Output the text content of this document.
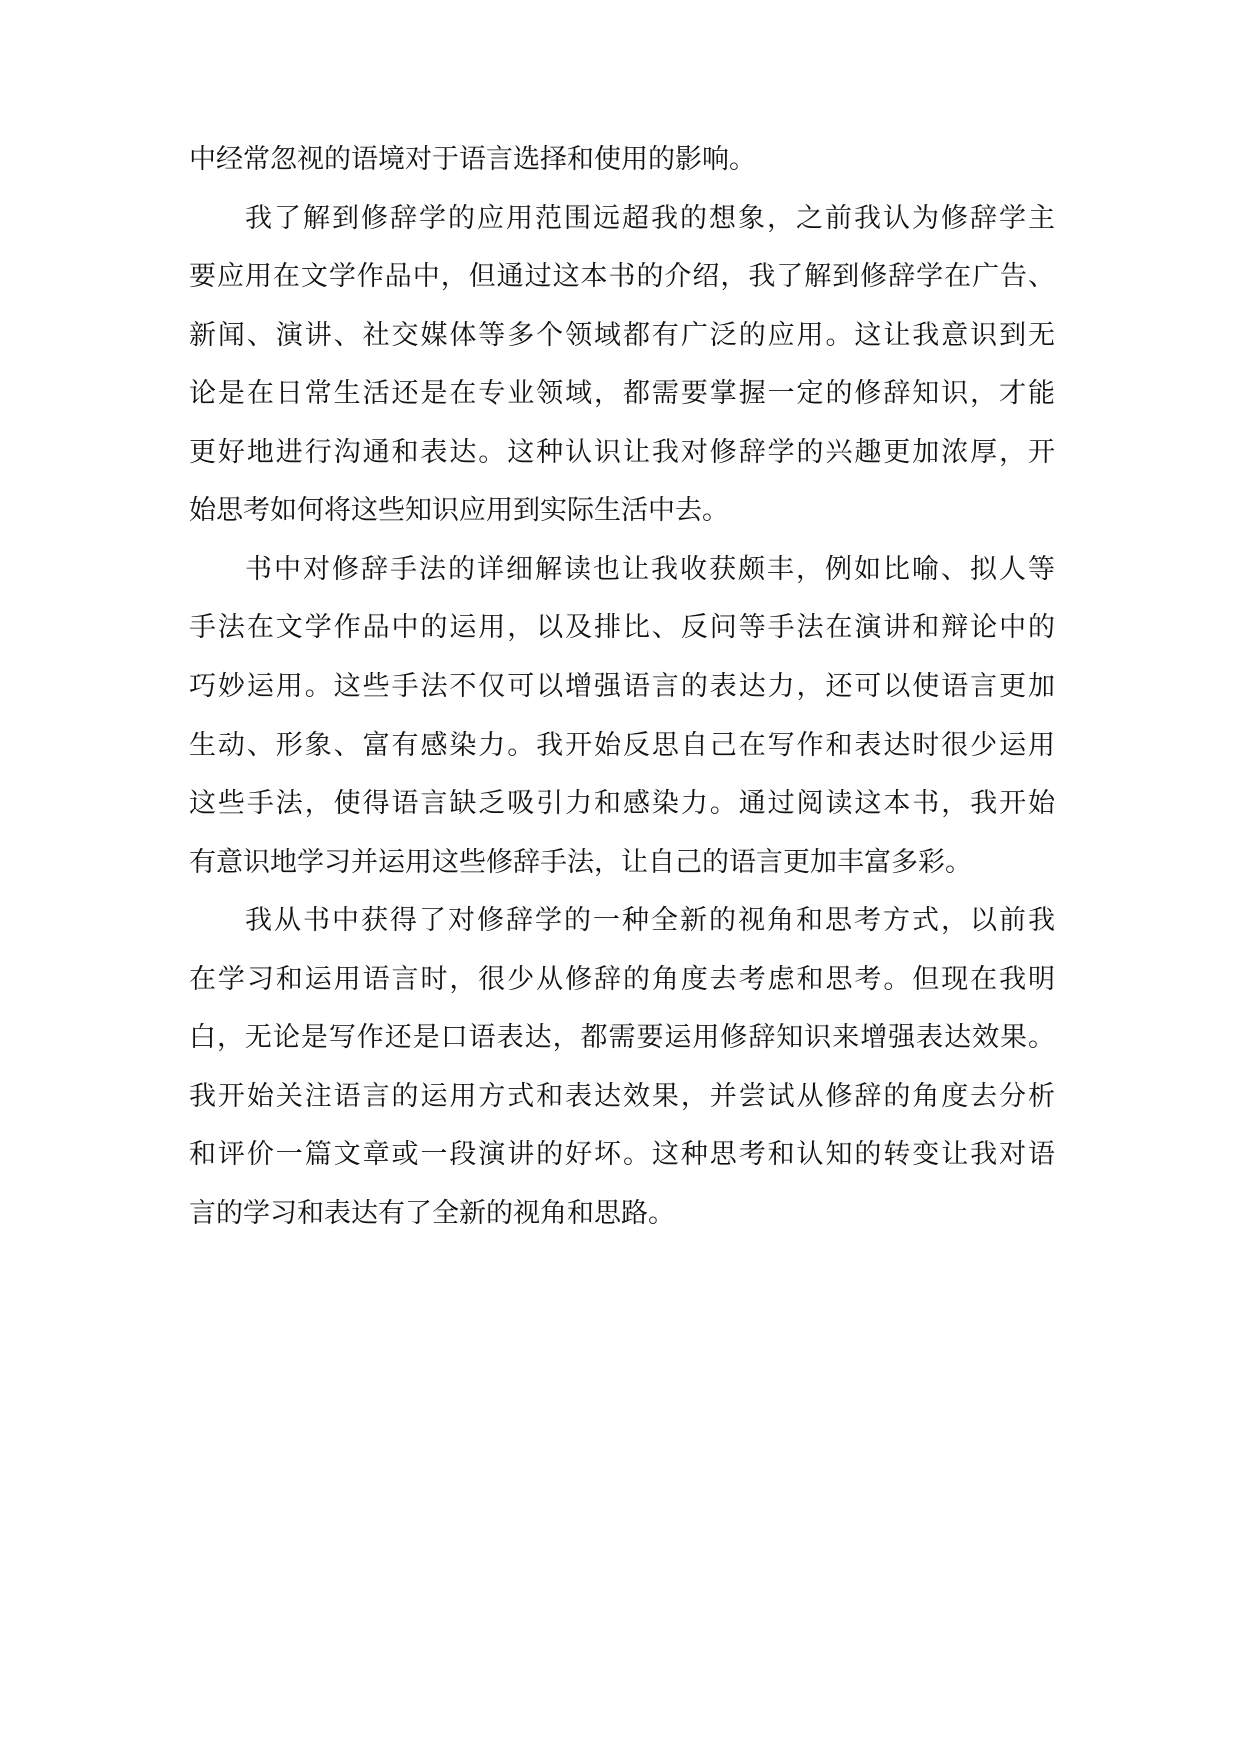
中经常忽视的语境对于语言选择和使用的影响。
我了解到修辞学的应用范围远超我的想象，之前我认为修辞学主
要应用在文学作品中，但通过这本书的介绍，我了解到修辞学在广告、
新闻、演讲、社交媒体等多个领域都有广泛的应用。这让我意识到无
论是在日常生活还是在专业领域，都需要掌握一定的修辞知识，才能
更好地进行沟通和表达。这种认识让我对修辞学的兴趣更加浓厚，开
始思考如何将这些知识应用到实际生活中去。
书中对修辞手法的详细解读也让我收获颇丰，例如比喻、拟人等
手法在文学作品中的运用，以及排比、反问等手法在演讲和辩论中的
巧妙运用。这些手法不仅可以增强语言的表达力，还可以使语言更加
生动、形象、富有感染力。我开始反思自己在写作和表达时很少运用
这些手法，使得语言缺乏吸引力和感染力。通过阅读这本书，我开始
有意识地学习并运用这些修辞手法，让自己的语言更加丰富多彩。
我从书中获得了对修辞学的一种全新的视角和思考方式，以前我
在学习和运用语言时，很少从修辞的角度去考虑和思考。但现在我明
白，无论是写作还是口语表达，都需要运用修辞知识来增强表达效果。
我开始关注语言的运用方式和表达效果，并尝试从修辞的角度去分析
和评价一篇文章或一段演讲的好坏。这种思考和认知的转变让我对语
言的学习和表达有了全新的视角和思路。
